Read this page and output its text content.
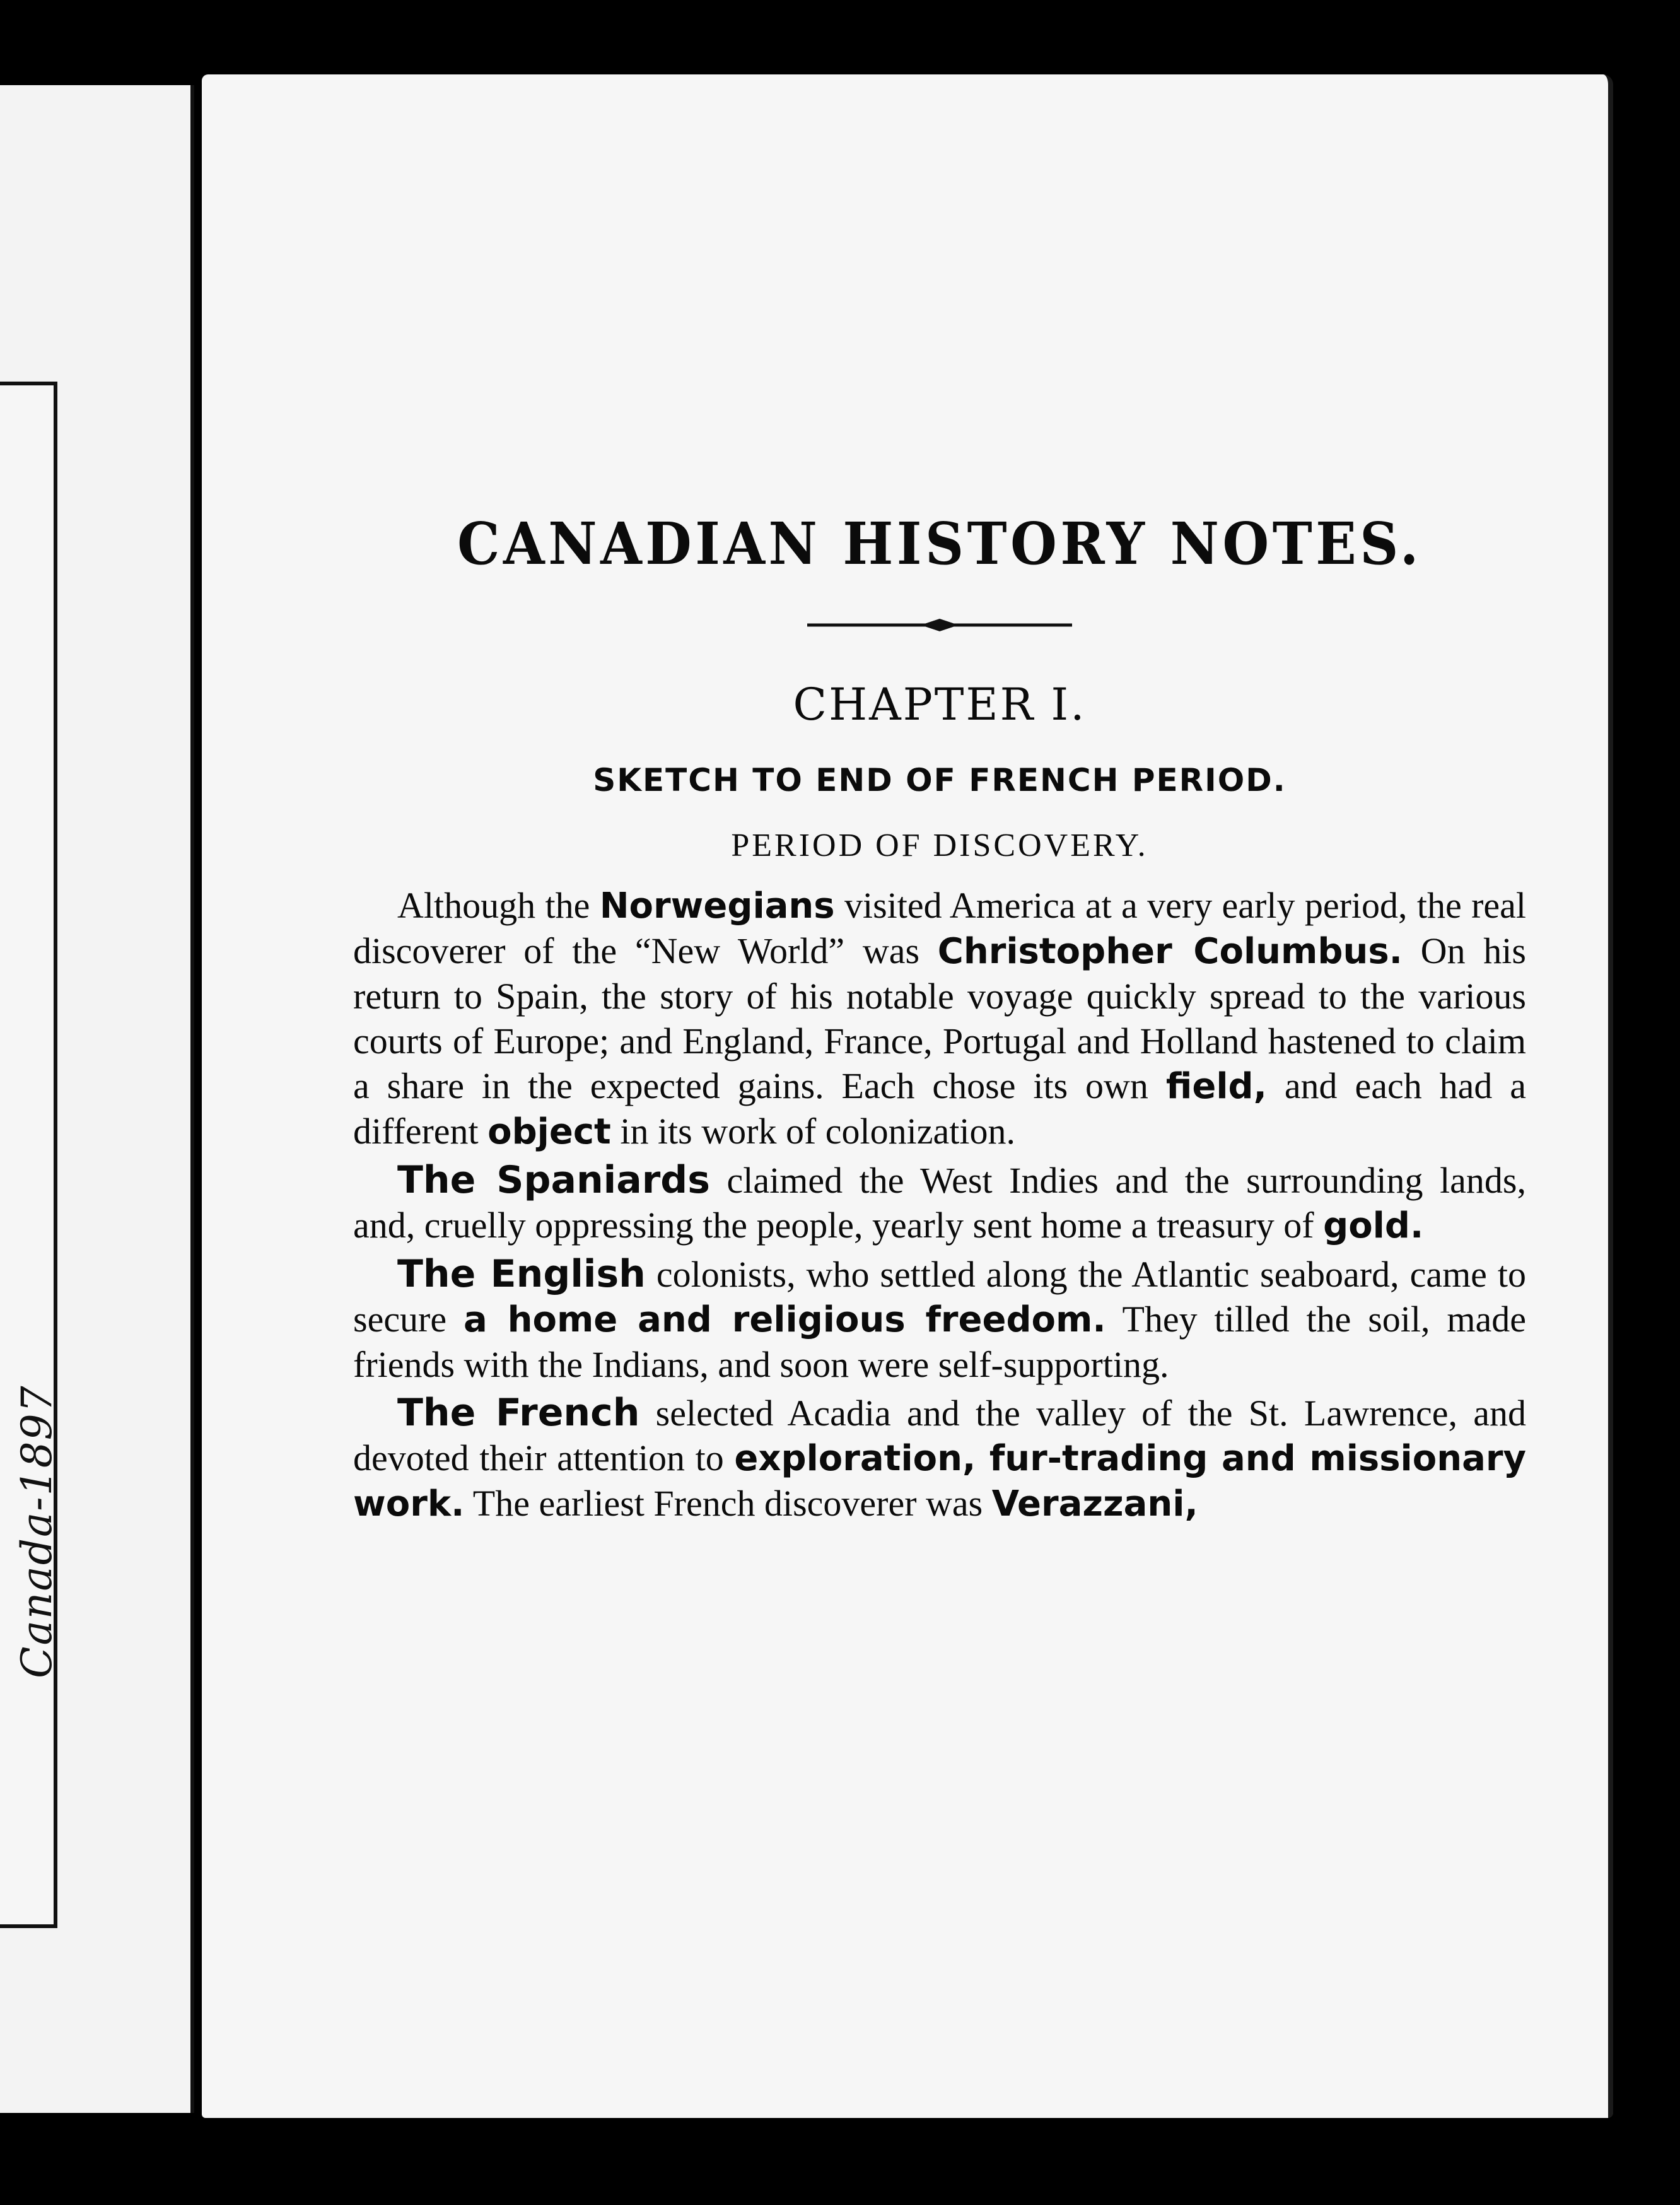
Canada-1897
CANADIAN HISTORY NOTES.
CHAPTER I.
SKETCH TO END OF FRENCH PERIOD.
PERIOD OF DISCOVERY.

Although the Norwegians visited America at a very early period, the real discoverer of the “New World” was Christopher Columbus. On his return to Spain, the story of his notable voyage quickly spread to the various courts of Europe; and England, France, Portugal and Holland hastened to claim a share in the expected gains. Each chose its own field, and each had a different object in its work of colonization.

The Spaniards claimed the West Indies and the surrounding lands, and, cruelly oppressing the people, yearly sent home a treasury of gold.

The English colonists, who settled along the Atlantic seaboard, came to secure a home and religious freedom. They tilled the soil, made friends with the Indians, and soon were self-supporting.

The French selected Acadia and the valley of the St. Lawrence, and devoted their attention to exploration, fur-trading and missionary work. The earliest French discoverer was Verazzani,
